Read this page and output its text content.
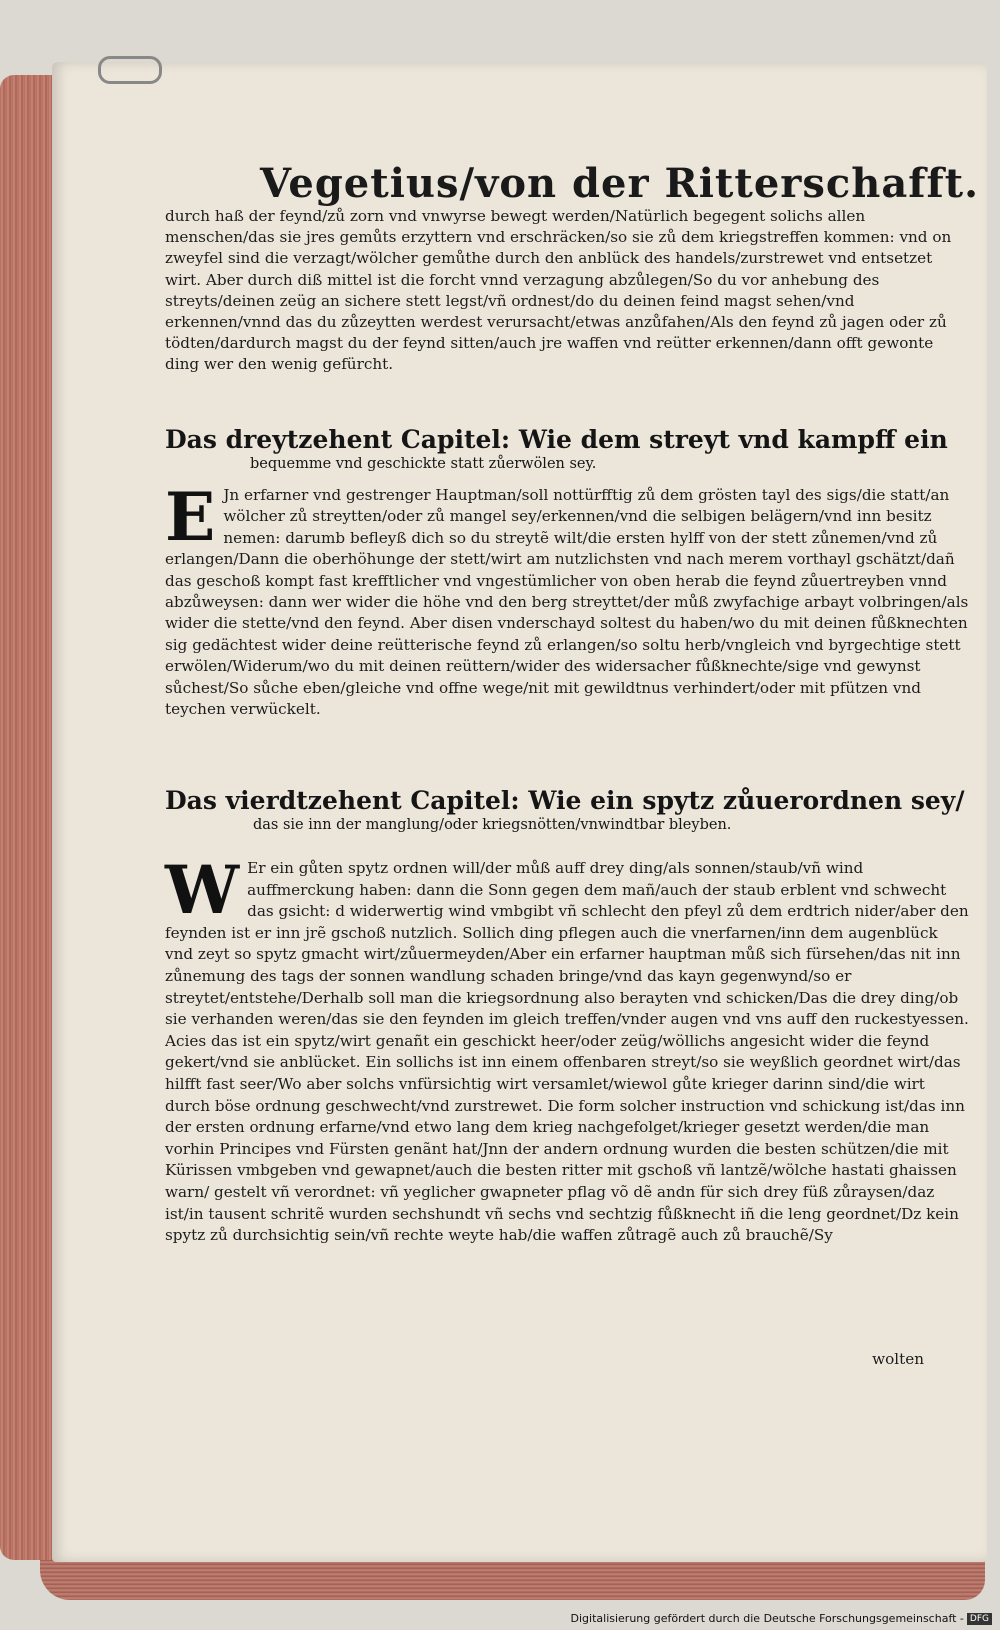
Vegetius/von der Ritterschafft.
durch haß der feynd/zů zorn vnd vnwyrse bewegt werden/Natürlich begegent solichs allen menschen/das sie jres gemůts erzyttern vnd erschräcken/so sie zů dem kriegstreffen kommen: vnd on zweyfel sind die verzagt/wölcher gemůthe durch den anblück des handels/zurstrewet vnd entsetzet wirt. Aber durch diß mittel ist die forcht vnnd verzagung abzůlegen/So du vor anhebung des streyts/deinen zeüg an sichere stett legst/vñ ordnest/do du deinen feind magst sehen/vnd erkennen/vnnd das du zůzeytten werdest verursacht/etwas anzůfahen/Als den feynd zů jagen oder zů tödten/dardurch magst du der feynd sitten/auch jre waffen vnd reütter erkennen/dann offt gewonte ding wer den wenig gefürcht.
Das dreytzehent Capitel: Wie dem streyt vnd kampff ein
bequemme vnd geschickte statt zůerwölen sey.
E Jn erfarner vnd gestrenger Hauptman/soll nottürfftig zů dem grösten tayl des sigs/die statt/an wölcher zů streytten/oder zů mangel sey/erkennen/vnd die selbigen belägern/vnd inn besitz nemen: darumb befleyß dich so du streytẽ wilt/die ersten hylff von der stett zůnemen/vnd zů erlangen/Dann die oberhöhunge der stett/wirt am nutzlichsten vnd nach merem vorthayl gschätzt/dañ das geschoß kompt fast krefftlicher vnd vngestümlicher von oben herab die feynd zůuertreyben vnnd abzůweysen: dann wer wider die höhe vnd den berg streyttet/der můß zwyfachige arbayt volbringen/als wider die stette/vnd den feynd. Aber disen vnderschayd soltest du haben/wo du mit deinen fůßknechten sig gedächtest wider deine reütterische feynd zů erlangen/so soltu herb/vngleich vnd byrgechtige stett erwölen/Widerum/wo du mit deinen reüttern/wider des widersacher fůßknechte/sige vnd gewynst sůchest/So sůche eben/gleiche vnd offne wege/nit mit gewildtnus verhindert/oder mit pfützen vnd teychen verwückelt.
Das vierdtzehent Capitel: Wie ein spytz zůuerordnen sey/
das sie inn der manglung/oder kriegsnötten/vnwindtbar bleyben.
W Er ein gůten spytz ordnen will/der můß auff drey ding/als sonnen/staub/vñ wind auffmerckung haben: dann die Sonn gegen dem mañ/auch der staub erblent vnd schwecht das gsicht: d widerwertig wind vmbgibt vñ schlecht den pfeyl zů dem erdtrich nider/aber den feynden ist er inn jrẽ gschoß nutzlich. Sollich ding pflegen auch die vnerfarnen/inn dem augenblück vnd zeyt so spytz gmacht wirt/zůuermeyden/Aber ein erfarner hauptman můß sich fürsehen/das nit inn zůnemung des tags der sonnen wandlung schaden bringe/vnd das kayn gegenwynd/so er streytet/entstehe/Derhalb soll man die kriegsordnung also berayten vnd schicken/Das die drey ding/ob sie verhanden weren/das sie den feynden im gleich treffen/vnder augen vnd vns auff den ruckestyessen. Acies das ist ein spytz/wirt genañt ein geschickt heer/oder zeüg/wöllichs angesicht wider die feynd gekert/vnd sie anblücket. Ein sollichs ist inn einem offenbaren streyt/so sie weyßlich geordnet wirt/das hilfft fast seer/Wo aber solchs vnfürsichtig wirt versamlet/wiewol gůte krieger darinn sind/die wirt durch böse ordnung geschwecht/vnd zurstrewet. Die form solcher instruction vnd schickung ist/das inn der ersten ordnung erfarne/vnd etwo lang dem krieg nachgefolget/krieger gesetzt werden/die man vorhin Principes vnd Fürsten genãnt hat/Jnn der andern ordnung wurden die besten schützen/die mit Kürissen vmbgeben vnd gewapnet/auch die besten ritter mit gschoß vñ lantzẽ/wölche hastati ghaissen warn/ gestelt vñ verordnet: vñ yeglicher gwapneter pflag võ dẽ andn für sich drey füß zůraysen/daz ist/in tausent schritẽ wurden sechshundt vñ sechs vnd sechtzig fůßknecht iñ die leng geordnet/Dz kein spytz zů durchsichtig sein/vñ rechte weyte hab/die waffen zůtragẽ auch zů brauchẽ/Sy
wolten
Digitalisierung gefördert durch die Deutsche Forschungsgemeinschaft - DFG
